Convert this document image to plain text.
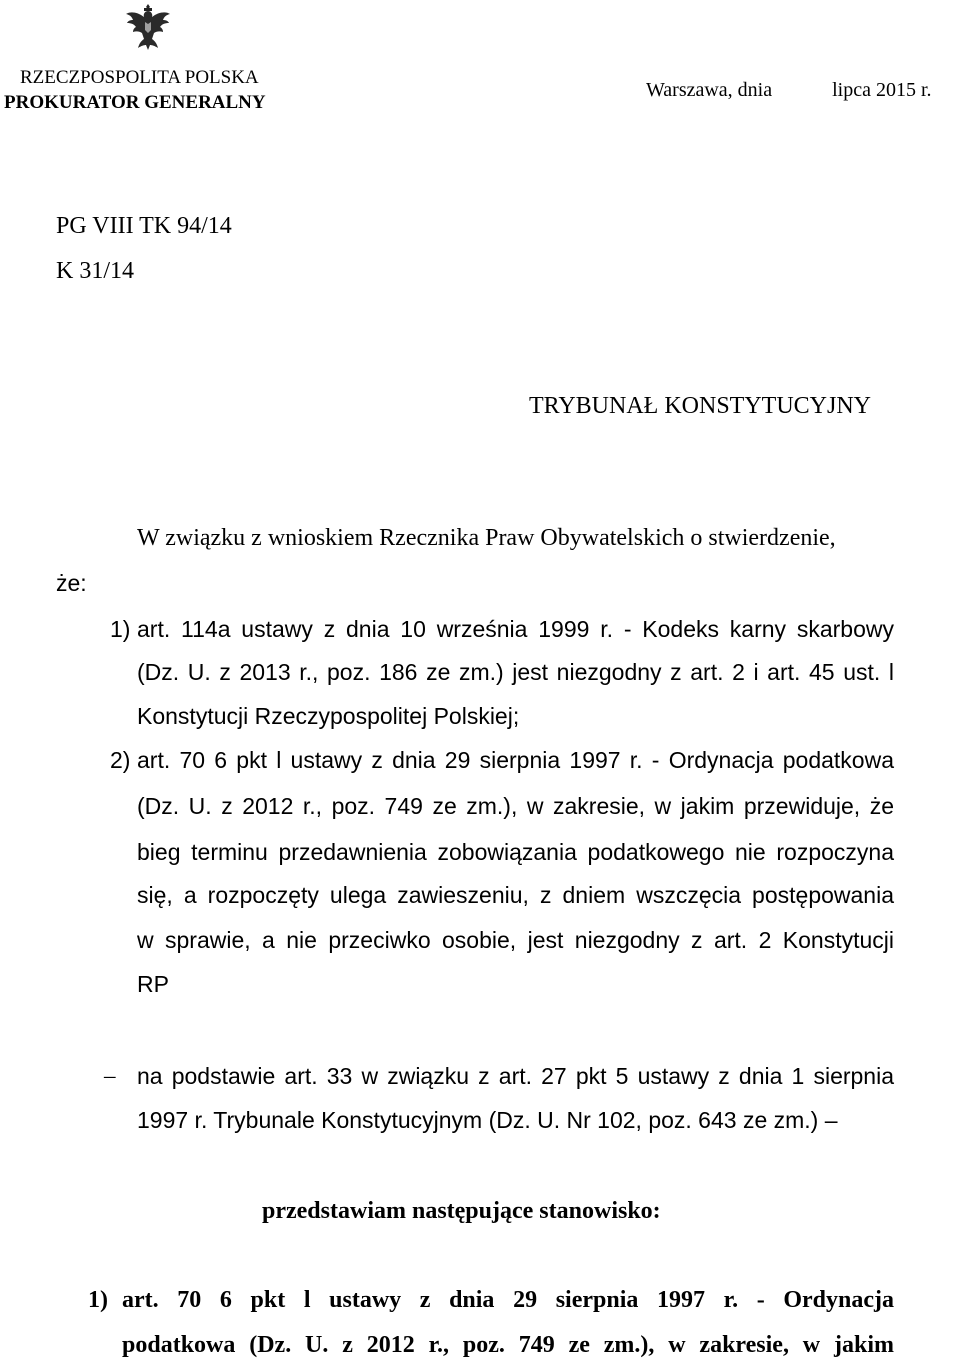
RZECZPOSPOLITA POLSKA
PROKURATOR GENERALNY
Warszawa, dnia	lipca 2015 r.
PG VIII TK 94/14
K 31/14
TRYBUNAŁ KONSTYTUCYJNY
W związku z wnioskiem Rzecznika Praw Obywatelskich o stwierdzenie,
że:
1) art. 114a ustawy z dnia 10 września 1999 r. - Kodeks karny skarbowy
(Dz. U. z 2013 r., poz. 186 ze zm.) jest niezgodny z art. 2 i art. 45 ust. l
Konstytucji Rzeczypospolitej Polskiej;
2) art. 70 6 pkt l ustawy z dnia 29 sierpnia 1997 r. - Ordynacja podatkowa
(Dz. U. z 2012 r., poz. 749 ze zm.), w zakresie, w jakim przewiduje, że
bieg terminu przedawnienia zobowiązania podatkowego nie rozpoczyna
się, a rozpoczęty ulega zawieszeniu, z dniem wszczęcia postępowania
w sprawie, a nie przeciwko osobie, jest niezgodny z art. 2 Konstytucji
RP
– na podstawie art. 33 w związku z art. 27 pkt 5 ustawy z dnia 1 sierpnia
1997 r. Trybunale Konstytucyjnym (Dz. U. Nr 102, poz. 643 ze zm.) –
przedstawiam następujące stanowisko:
1) art. 70 6 pkt l ustawy z dnia 29 sierpnia 1997 r. - Ordynacja
podatkowa (Dz. U. z 2012 r., poz. 749 ze zm.), w zakresie, w jakim
